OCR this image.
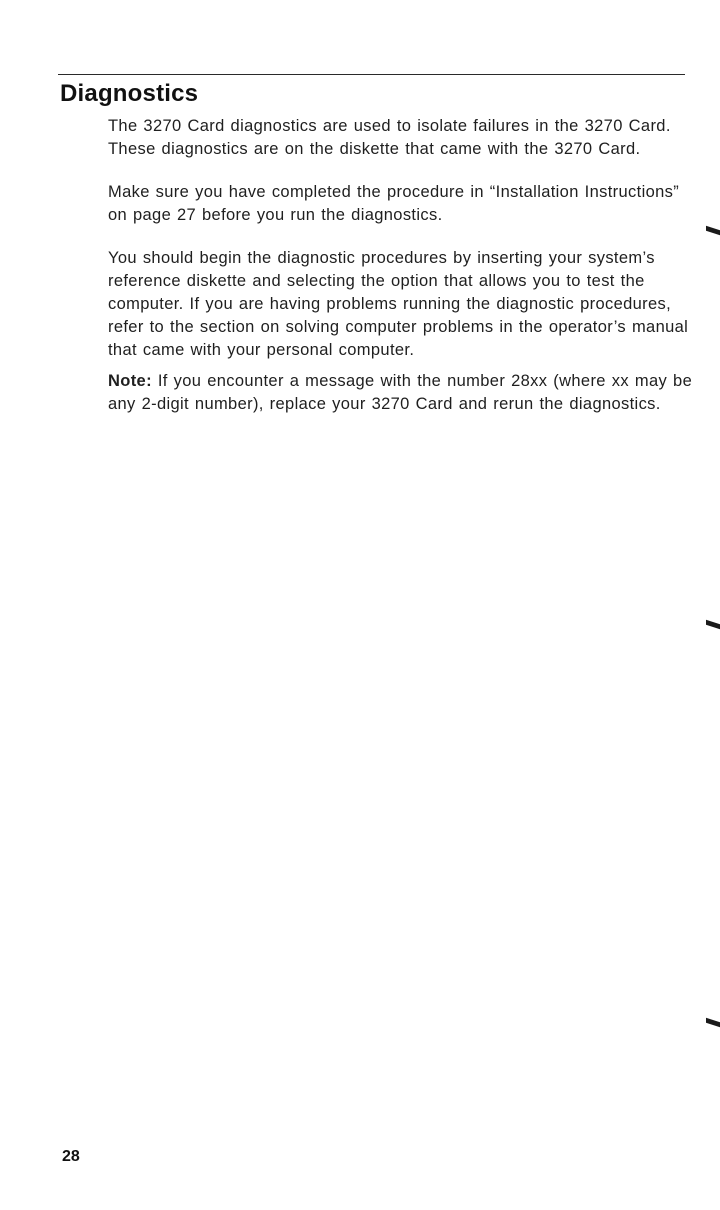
Diagnostics

The 3270 Card diagnostics are used to isolate failures in the 3270 Card. These diagnostics are on the diskette that came with the 3270 Card.

Make sure you have completed the procedure in “Installation Instructions” on page 27 before you run the diagnostics.

You should begin the diagnostic procedures by inserting your system’s reference diskette and selecting the option that allows you to test the computer. If you are having problems running the diagnostic procedures, refer to the section on solving computer problems in the operator’s manual that came with your personal computer.

Note: If you encounter a message with the number 28xx (where xx may be any 2-digit number), replace your 3270 Card and rerun the diagnostics.

28
